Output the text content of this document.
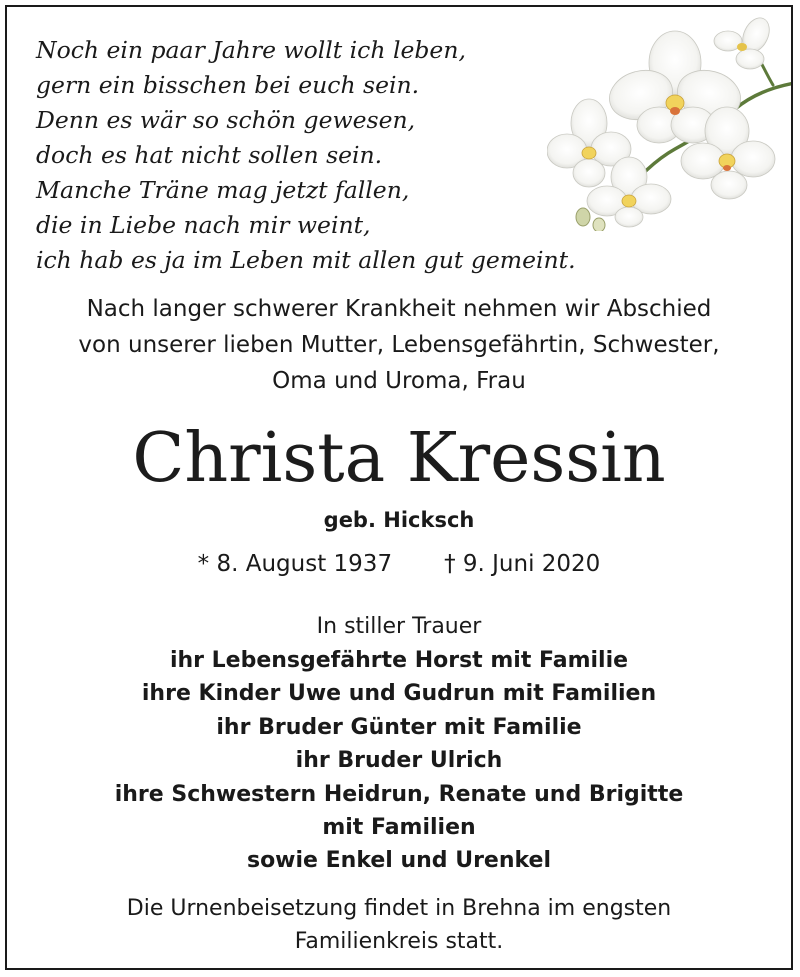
Noch ein paar Jahre wollt ich leben,
gern ein bisschen bei euch sein.
Denn es wär so schön gewesen,
doch es hat nicht sollen sein.
Manche Träne mag jetzt fallen,
die in Liebe nach mir weint,
ich hab es ja im Leben mit allen gut gemeint.
Nach langer schwerer Krankheit nehmen wir Abschied
von unserer lieben Mutter, Lebensgefährtin, Schwester,
Oma und Uroma, Frau
Christa Kressin
geb. Hicksch
* 8. August 1937 † 9. Juni 2020
In stiller Trauer
ihr Lebensgefährte Horst mit Familie
ihre Kinder Uwe und Gudrun mit Familien
ihr Bruder Günter mit Familie
ihr Bruder Ulrich
ihre Schwestern Heidrun, Renate und Brigitte
mit Familien
sowie Enkel und Urenkel
Die Urnenbeisetzung findet in Brehna im engsten
Familienkreis statt.
